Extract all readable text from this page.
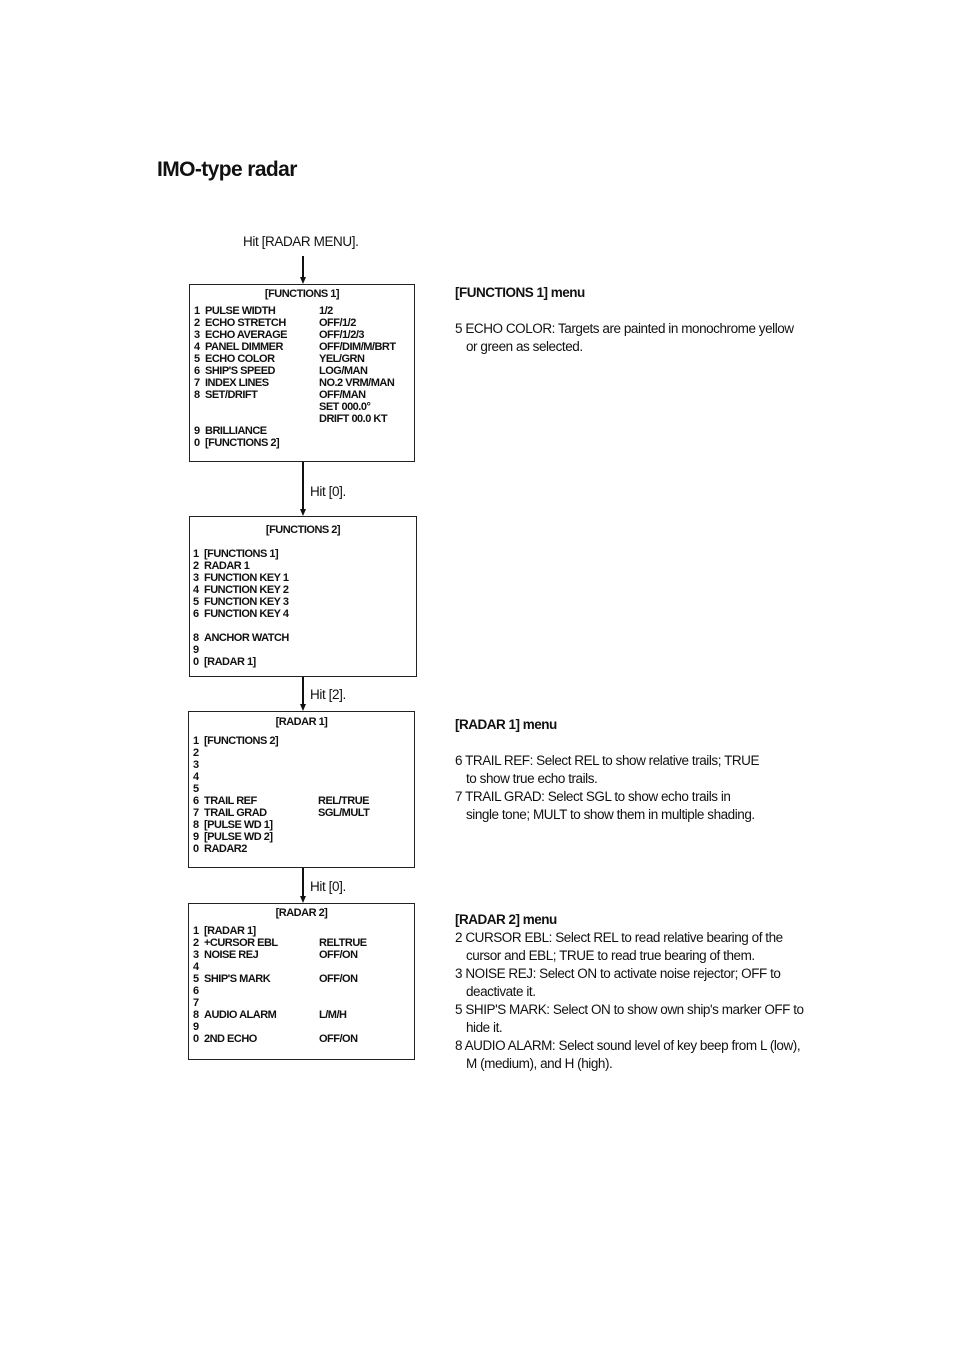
IMO-type radar
Hit [RADAR MENU].
[FUNCTIONS 1]
1 PULSE WIDTH
2 ECHO STRETCH
3 ECHO AVERAGE
4 PANEL DIMMER
5 ECHO COLOR
6 SHIP'S SPEED
7 INDEX LINES
8 SET/DRIFT
1/2
OFF/1/2
OFF/1/2/3
OFF/DIM/M/BRT
YEL/GRN
LOG/MAN
NO.2 VRM/MAN
OFF/MAN
SET 000.0°
DRIFT 00.0 KT
9 BRILLIANCE
0 [FUNCTIONS 2]
Hit [0].
[FUNCTIONS 2]
1 [FUNCTIONS 1]
2 RADAR 1
3 FUNCTION KEY 1
4 FUNCTION KEY 2
5 FUNCTION KEY 3
6 FUNCTION KEY 4
8 ANCHOR WATCH
9
0 [RADAR 1]
Hit [2].
[RADAR 1]
1 [FUNCTIONS 2]
2
3
4
5
6 TRAIL REF
7 TRAIL GRAD
8 [PULSE WD 1]
9 [PULSE WD 2]
0 RADAR2
REL/TRUE
SGL/MULT
Hit [0].
[RADAR 2]
1 [RADAR 1]
2 +CURSOR EBL
3 NOISE REJ
4
5 SHIP'S MARK
6
7
8 AUDIO ALARM
9
0 2ND ECHO
RELTRUE
OFF/ON
OFF/ON
L/M/H
OFF/ON
[FUNCTIONS 1] menu

5 ECHO COLOR: Targets are painted in monochrome yellow or green as selected.

[RADAR 1] menu

6 TRAIL REF: Select REL to show relative trails; TRUE to show true echo trails.

7 TRAIL GRAD: Select SGL to show echo trails in single tone; MULT to show them in multiple shading.

[RADAR 2] menu

2 CURSOR EBL: Select REL to read relative bearing of the cursor and EBL; TRUE to read true bearing of them.

3 NOISE REJ: Select ON to activate noise rejector; OFF to deactivate it.

5 SHIP'S MARK: Select ON to show own ship's marker OFF to hide it.

8 AUDIO ALARM: Select sound level of key beep from L (low), M (medium), and H (high).
